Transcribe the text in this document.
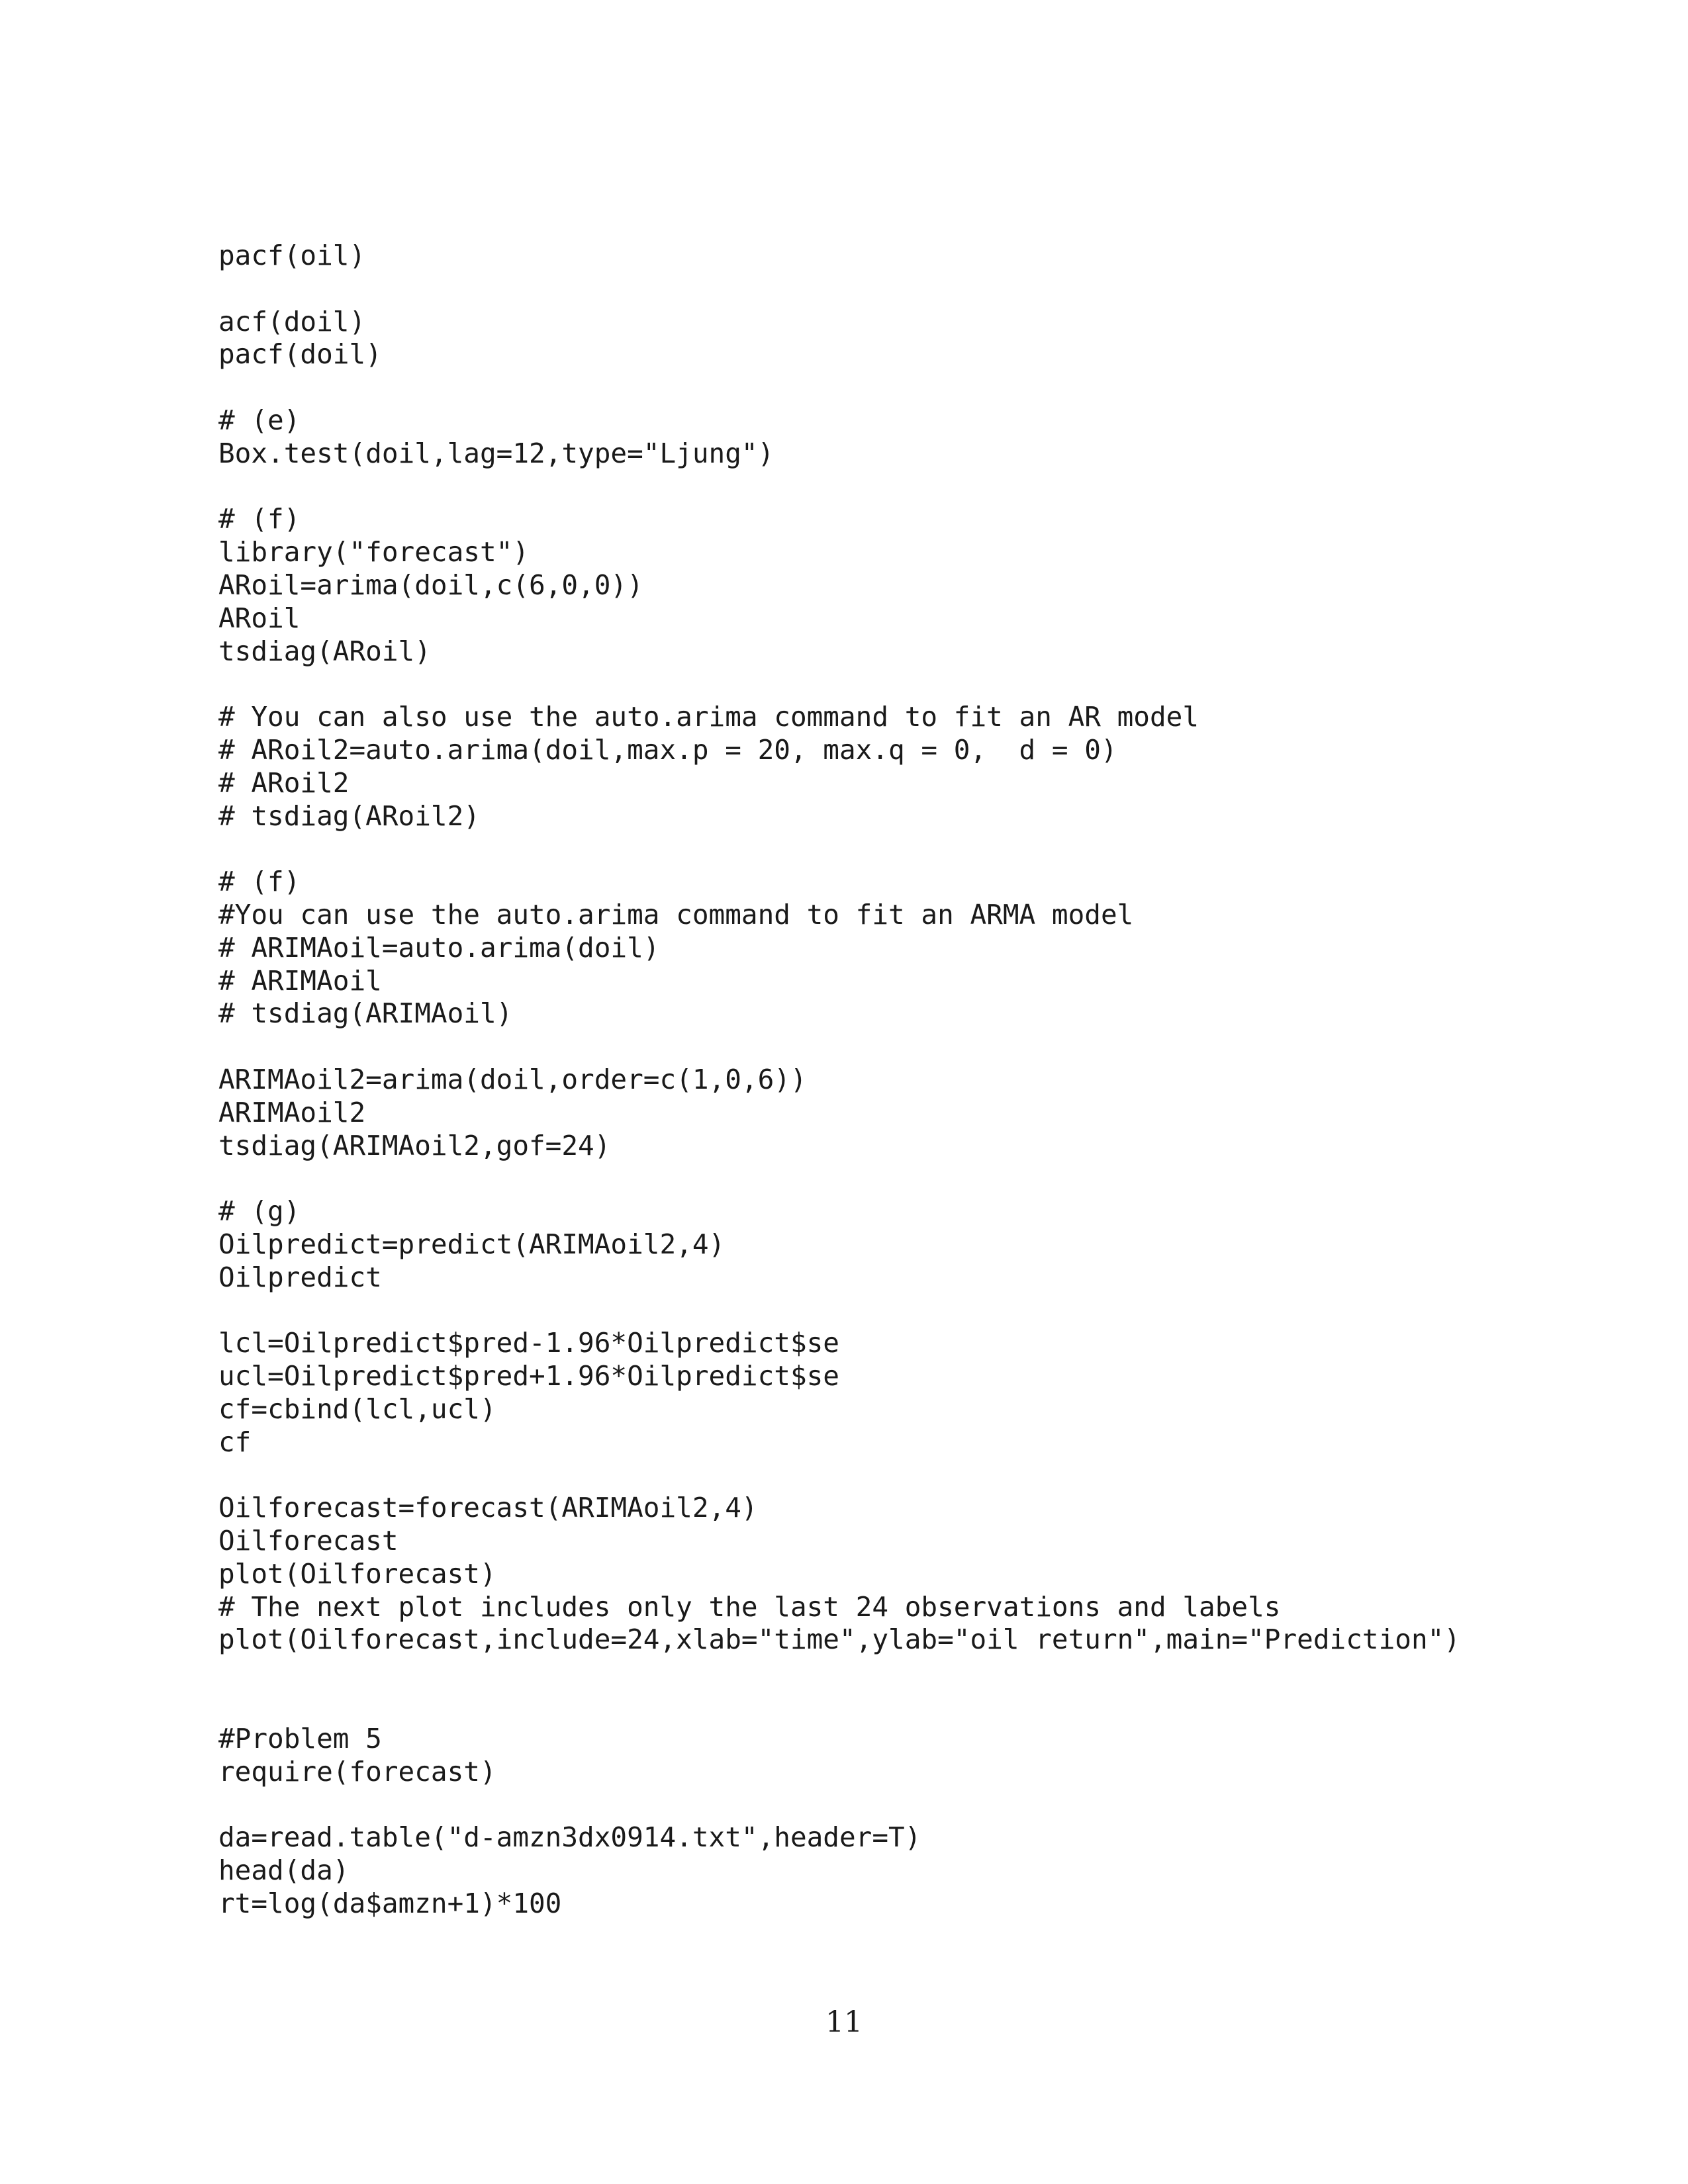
pacf(oil)
acf(doil)
pacf(doil)
# (e)
Box.test(doil,lag=12,type="Ljung")
# (f)
library("forecast")
ARoil=arima(doil,c(6,0,0))
ARoil
tsdiag(ARoil)
# You can also use the auto.arima command to fit an AR model
# ARoil2=auto.arima(doil,max.p = 20, max.q = 0,  d = 0)
# ARoil2
# tsdiag(ARoil2)
# (f)
#You can use the auto.arima command to fit an ARMA model
# ARIMAoil=auto.arima(doil)
# ARIMAoil
# tsdiag(ARIMAoil)
ARIMAoil2=arima(doil,order=c(1,0,6))
ARIMAoil2
tsdiag(ARIMAoil2,gof=24)
# (g)
Oilpredict=predict(ARIMAoil2,4)
Oilpredict
lcl=Oilpredict$pred-1.96*Oilpredict$se
ucl=Oilpredict$pred+1.96*Oilpredict$se
cf=cbind(lcl,ucl)
cf
Oilforecast=forecast(ARIMAoil2,4)
Oilforecast
plot(Oilforecast)
# The next plot includes only the last 24 observations and labels
plot(Oilforecast,include=24,xlab="time",ylab="oil return",main="Prediction")
#Problem 5
require(forecast)
da=read.table("d-amzn3dx0914.txt",header=T)
head(da)
rt=log(da$amzn+1)*100
11
